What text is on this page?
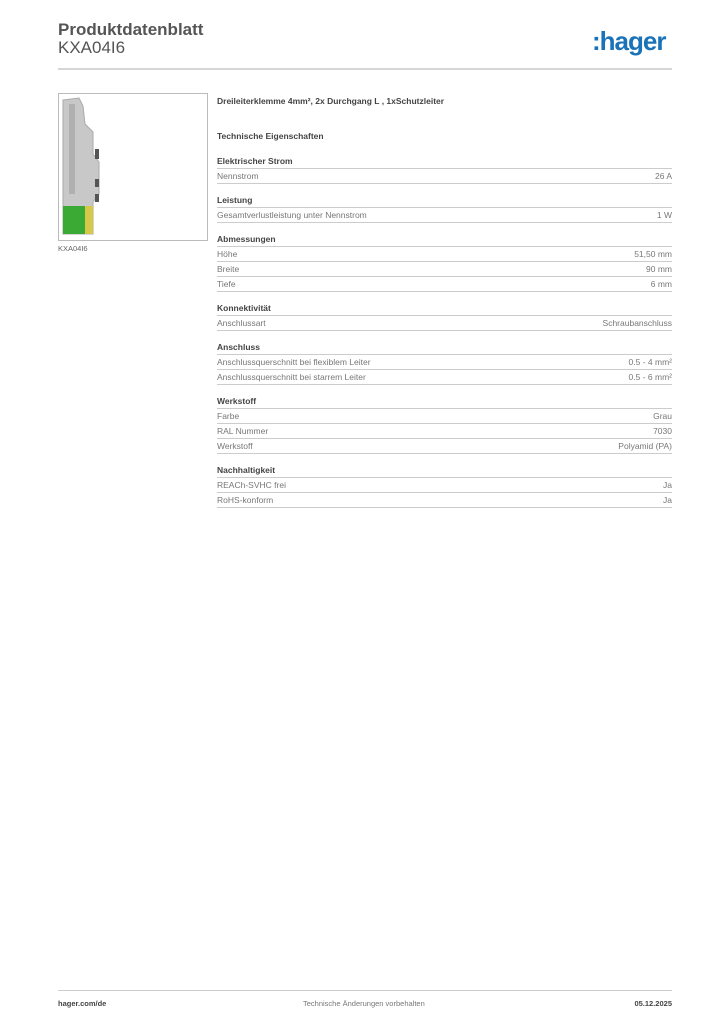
Produktdatenblatt
KXA04I6	:hager
KXA04I6
Dreileiterklemme 4mm², 2x Durchgang L , 1xSchutzleiter
Technische Eigenschaften
Elektrischer Strom
Nennstrom	26 A
Leistung
Gesamtverlustleistung unter Nennstrom	1 W
Abmessungen
Höhe	51,50 mm
Breite	90 mm
Tiefe	6 mm
Konnektivität
Anschlussart	Schraubanschluss
Anschluss
Anschlussquerschnitt bei flexiblem Leiter	0.5 - 4 mm²
Anschlussquerschnitt bei starrem Leiter	0.5 - 6 mm²
Werkstoff
Farbe	Grau
RAL Nummer	7030
Werkstoff	Polyamid (PA)
Nachhaltigkeit
REACh-SVHC frei	Ja
RoHS-konform	Ja
hager.com/de	Technische Änderungen vorbehalten	05.12.2025
